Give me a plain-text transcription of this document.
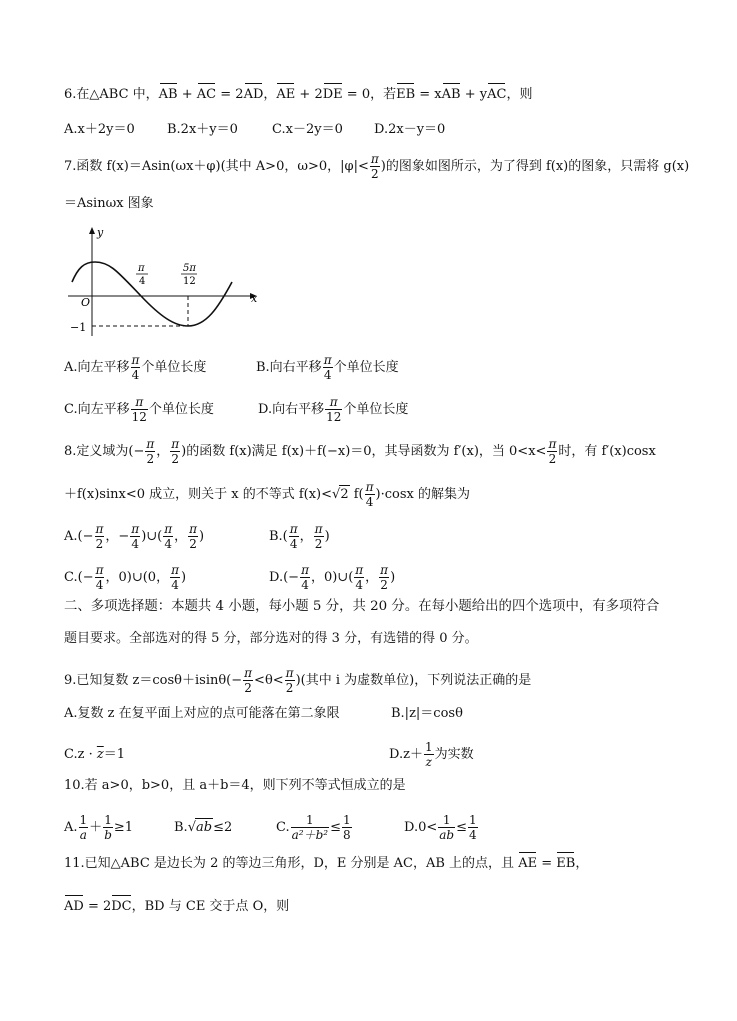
6.在△ABC 中，AB + AC = 2AD，AE + 2DE = 0，若EB = xAB + yAC，则
A.x＋2y＝0 B.2x＋y＝0	C.x－2y＝0 D.2x－y＝0
7.函数 f(x)＝Asin(ωx＋φ)(其中 A>0，ω>0，$|\varphi|< \frac{\pi}{2}$ )的图象如图所示，为了得到 f(x)的图象，只需将 g(x)
＝Asinωx 图象
y
x
O
−1
π
4
5π
12
A.向左平移 $\frac{\pi}{4}$ 个单位长度	B.向右平移 $\frac{\pi}{4}$ 个单位长度
C.向左平移 $\frac{\pi}{12}$ 个单位长度	D.向右平移 $\frac{\pi}{12}$ 个单位长度
8.定义域为(− $\frac{\pi}{2}$ ， $\frac{\pi}{2}$ )的函数 f(x)满足 f(x)＋f(−x)＝0，其导函数为 f′(x)，当 $0<x< \frac{\pi}{2}$ 时，有 f′(x)cosx
＋f(x)sinx<0 成立，则关于 x 的不等式 f(x)<√2 $f( \frac{\pi}{4} )\cdot\cos x$ 的解集为
$A.(- \frac{\pi}{2}$ ，− $\frac{\pi}{4}$ )∪( $\frac{\pi}{4}$ ， $\frac{\pi}{2}$ )	$B.( \frac{\pi}{4}$ ， $\frac{\pi}{2}$ )
$C.(- \frac{\pi}{4}$ ，0)∪(0， $\frac{\pi}{4}$ )	$D.(- \frac{\pi}{4}$ ，0)∪( $\frac{\pi}{4}$ ， $\frac{\pi}{2}$ )
二、多项选择题：本题共 4 小题，每小题 5 分，共 20 分。在每小题给出的四个选项中，有多项符合
题目要求。全部选对的得 5 分，部分选对的得 3 分，有选错的得 0 分。
9.已知复数 $z=\cos\theta+isin\theta(- \frac{\pi}{2} <\theta< \frac{\pi}{2}$ )(其中 i 为虚数单位)，下列说法正确的是
A.复数 z 在复平面上对应的点可能落在第二象限	B.|z|＝cosθ
$C.z \cdot \overline{z}=1$	$D.z+ \frac{1}{z}$ 为实数
10.若 a>0，b>0，且 a＋b＝4，则下列不等式恒成立的是
A. $\frac{1}{a} + \frac{1}{b} \ge 1$	B.√ab≤2	C. $\frac{1}{\text{a²＋b²}} \le \frac{1}{8}$	$D.0< \frac{1}{ab} \le \frac{1}{4}$
11.已知△ABC 是边长为 2 的等边三角形，D，E 分别是 AC，AB 上的点，且 AE = EB，
AD = 2DC，BD 与 CE 交于点 O，则
